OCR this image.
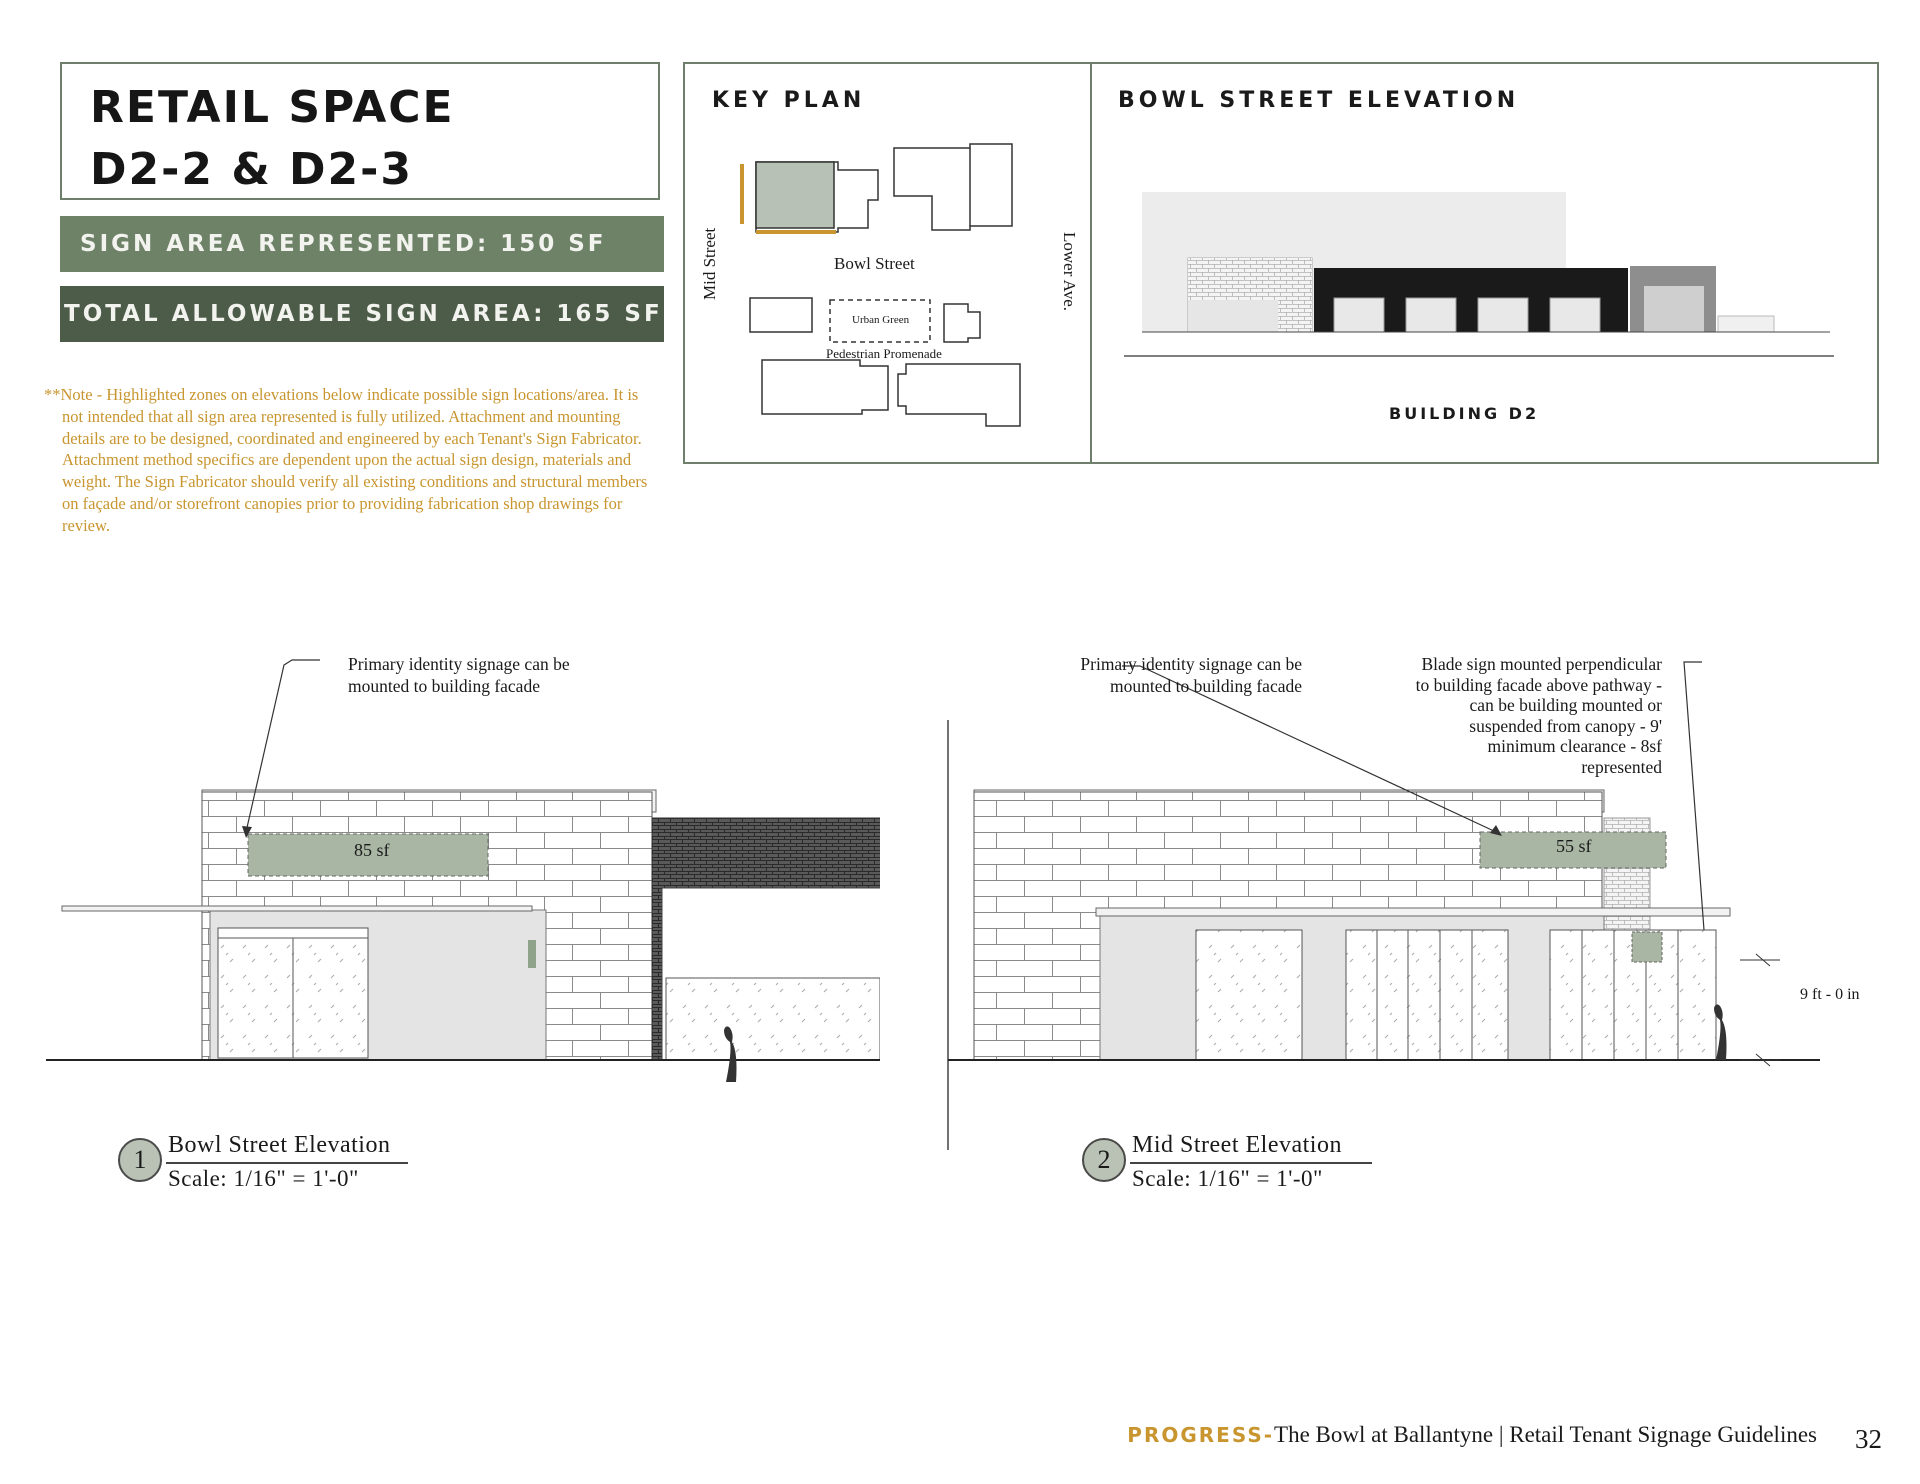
RETAIL SPACE
D2-2 & D2-3
SIGN AREA REPRESENTED: 150 SF
TOTAL ALLOWABLE SIGN AREA: 165 SF

**Note - Highlighted zones on elevations below indicate possible sign locations/area. It is not intended that all sign area represented is fully utilized. Attachment and mounting details are to be designed, coordinated and engineered by each Tenant's Sign Fabricator. Attachment method specifics are dependent upon the actual sign design, materials and weight. The Sign Fabricator should verify all existing conditions and structural members on façade and/or storefront canopies prior to providing fabrication shop drawings for review.

KEY PLAN	BOWL STREET ELEVATION
Bowl Street
Mid Street	Lower Ave.
Urban Green
Pedestrian Promenade
BUILDING D2
Primary identity signage can be
mounted to building facade
85 sf
1 Bowl Street Elevation
Scale: 1/16" = 1'-0"
Primary identity signage can be
mounted to building facade
Blade sign mounted perpendicular
to building facade above pathway -
can be building mounted or
suspended from canopy - 9'
minimum clearance - 8sf
represented
55 sf
9 ft - 0 in
2 Mid Street Elevation
Scale: 1/16" = 1'-0"
PROGRESS-The Bowl at Ballantyne | Retail Tenant Signage Guidelines 32
